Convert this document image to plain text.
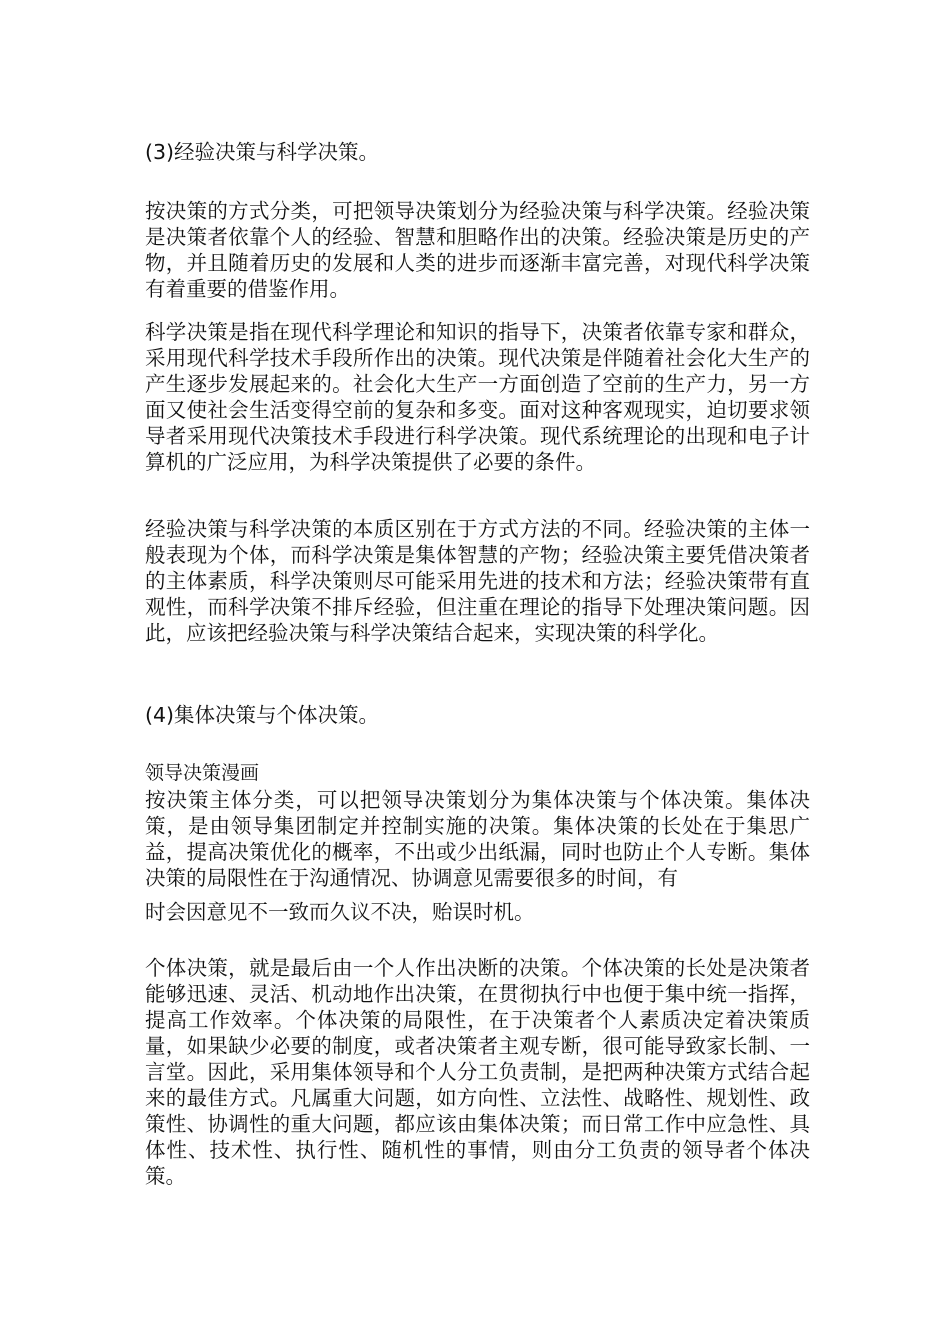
(3)经验决策与科学决策。

按决策的方式分类，可把领导决策划分为经验决策与科学决策。经验决策是决策者依靠个人的经验、智慧和胆略作出的决策。经验决策是历史的产物，并且随着历史的发展和人类的进步而逐渐丰富完善，对现代科学决策有着重要的借鉴作用。

科学决策是指在现代科学理论和知识的指导下，决策者依靠专家和群众，采用现代科学技术手段所作出的决策。现代决策是伴随着社会化大生产的产生逐步发展起来的。社会化大生产一方面创造了空前的生产力，另一方面又使社会生活变得空前的复杂和多变。面对这种客观现实，迫切要求领导者采用现代决策技术手段进行科学决策。现代系统理论的出现和电子计算机的广泛应用，为科学决策提供了必要的条件。

经验决策与科学决策的本质区别在于方式方法的不同。经验决策的主体一般表现为个体，而科学决策是集体智慧的产物；经验决策主要凭借决策者的主体素质，科学决策则尽可能采用先进的技术和方法；经验决策带有直观性，而科学决策不排斥经验，但注重在理论的指导下处理决策问题。因此，应该把经验决策与科学决策结合起来，实现决策的科学化。

(4)集体决策与个体决策。

领导决策漫画

按决策主体分类，可以把领导决策划分为集体决策与个体决策。集体决策，是由领导集团制定并控制实施的决策。集体决策的长处在于集思广益，提高决策优化的概率，不出或少出纸漏，同时也防止个人专断。集体决策的局限性在于沟通情况、协调意见需要很多的时间，有

时会因意见不一致而久议不决，贻误时机。

个体决策，就是最后由一个人作出决断的决策。个体决策的长处是决策者能够迅速、灵活、机动地作出决策，在贯彻执行中也便于集中统一指挥，提高工作效率。个体决策的局限性，在于决策者个人素质决定着决策质量，如果缺少必要的制度，或者决策者主观专断，很可能导致家长制、一言堂。因此，采用集体领导和个人分工负责制，是把两种决策方式结合起来的最佳方式。凡属重大问题，如方向性、立法性、战略性、规划性、政策性、协调性的重大问题，都应该由集体决策；而日常工作中应急性、具体性、技术性、执行性、随机性的事情，则由分工负责的领导者个体决策。
